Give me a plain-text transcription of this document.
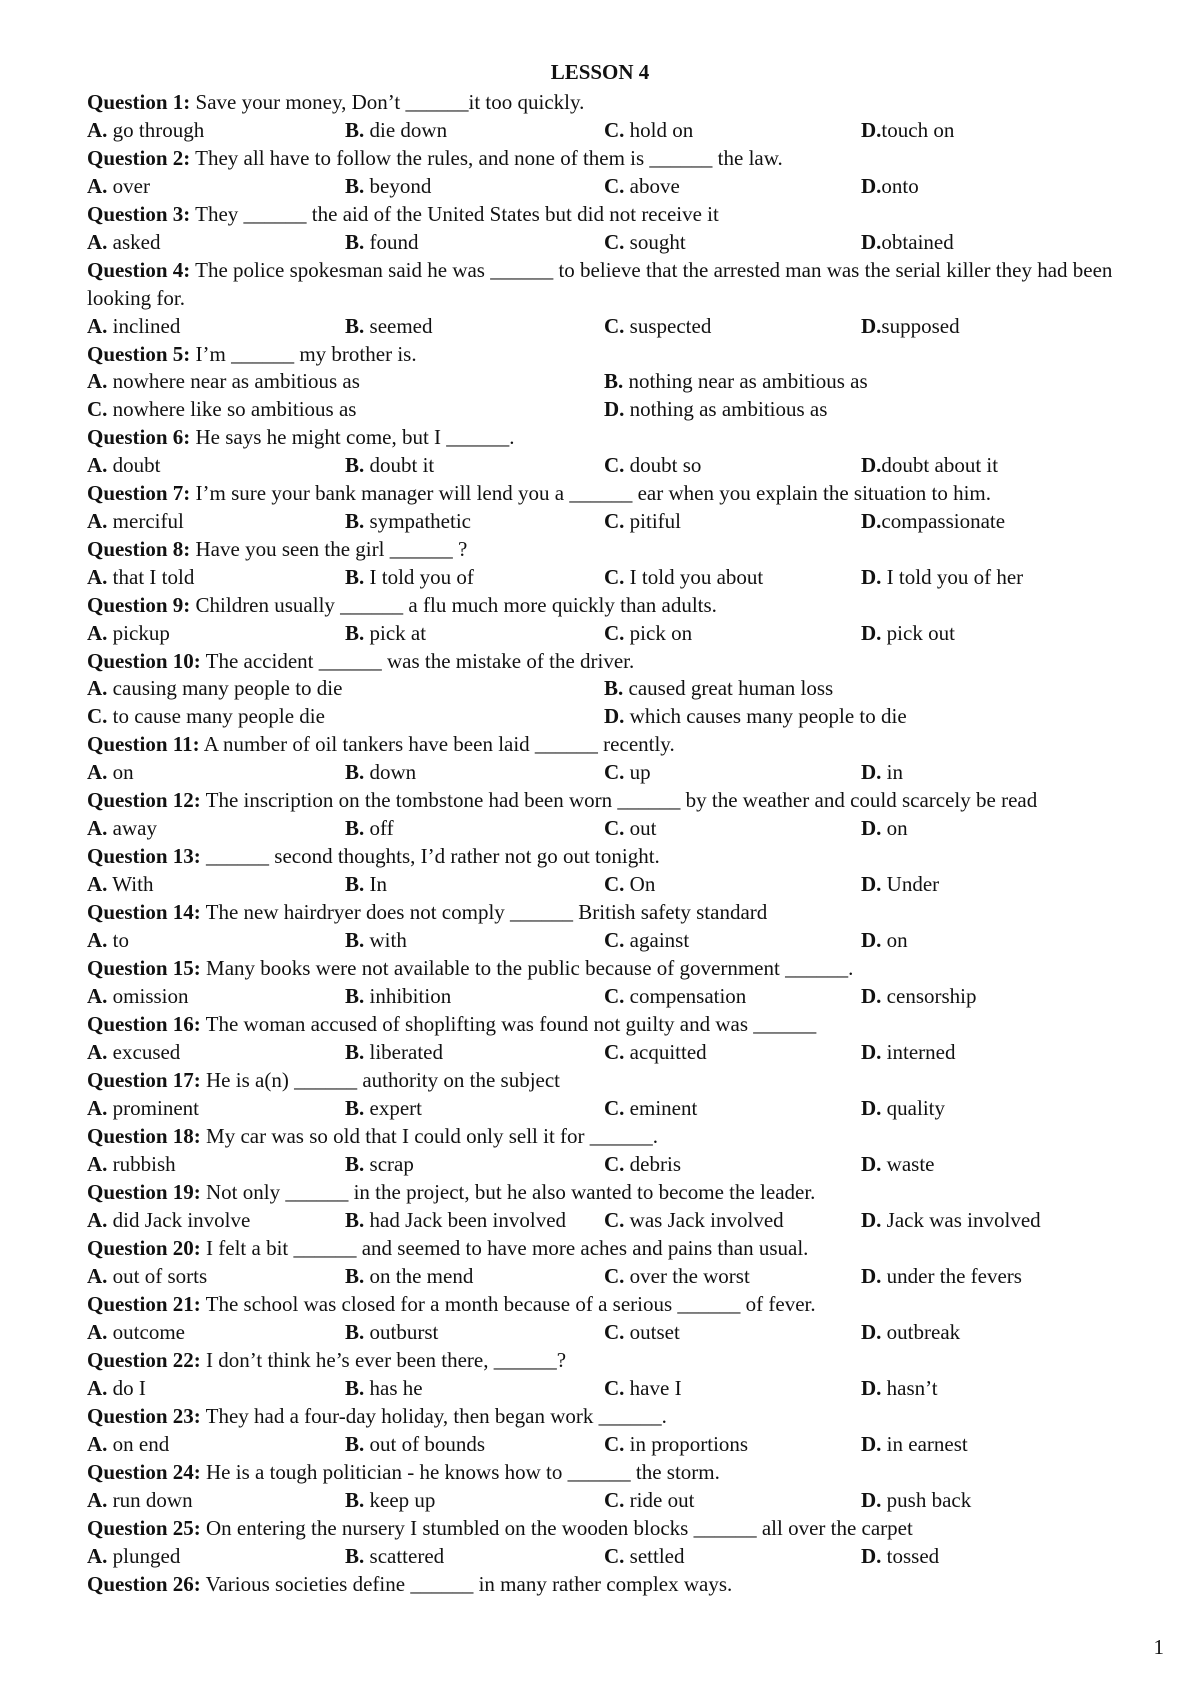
LESSON 4
Question 1: Save your money, Don’t ______it too quickly.
A. go through	B. die down	C. hold on	D.touch on
Question 2: They all have to follow the rules, and none of them is ______ the law.
A. over	B. beyond	C. above	D.onto
Question 3: They ______ the aid of the United States but did not receive it
A. asked	B. found	C. sought	D.obtained
Question 4: The police spokesman said he was ______ to believe that the arrested man was the serial killer they had been looking for.
A. inclined	B. seemed	C. suspected	D.supposed
Question 5: I’m ______ my brother is.
A. nowhere near as ambitious as	B. nothing near as ambitious as
C. nowhere like so ambitious as	D. nothing as ambitious as
Question 6: He says he might come, but I ______.
A. doubt	B. doubt it	C. doubt so	D.doubt about it
Question 7: I’m sure your bank manager will lend you a ______ ear when you explain the situation to him.
A. merciful	B. sympathetic	C. pitiful	D.compassionate
Question 8: Have you seen the girl ______ ?
A. that I told	B. I told you of	C. I told you about	D. I told you of her
Question 9: Children usually ______ a flu much more quickly than adults.
A. pickup	B. pick at	C. pick on	D. pick out
Question 10: The accident ______ was the mistake of the driver.
A. causing many people to die	B. caused great human loss
C. to cause many people die	D. which causes many people to die
Question 11: A number of oil tankers have been laid ______ recently.
A. on	B. down	C. up	D. in
Question 12: The inscription on the tombstone had been worn ______ by the weather and could scarcely be read
A. away	B. off	C. out	D. on
Question 13: ______ second thoughts, I’d rather not go out tonight.
A. With	B. In	C. On	D. Under
Question 14: The new hairdryer does not comply ______ British safety standard
A. to	B. with	C. against	D. on
Question 15: Many books were not available to the public because of government ______.
A. omission	B. inhibition	C. compensation	D. censorship
Question 16: The woman accused of shoplifting was found not guilty and was ______
A. excused	B. liberated	C. acquitted	D. interned
Question 17: He is a(n) ______ authority on the subject
A. prominent	B. expert	C. eminent	D. quality
Question 18: My car was so old that I could only sell it for ______.
A. rubbish	B. scrap	C. debris	D. waste
Question 19: Not only ______ in the project, but he also wanted to become the leader.
A. did Jack involve	B. had Jack been involved	C. was Jack involved	D. Jack was involved
Question 20: I felt a bit ______ and seemed to have more aches and pains than usual.
A. out of sorts	B. on the mend	C. over the worst	D. under the fevers
Question 21: The school was closed for a month because of a serious ______ of fever.
A. outcome	B. outburst	C. outset	D. outbreak
Question 22: I don’t think he’s ever been there, ______?
A. do I	B. has he	C. have I	D. hasn’t
Question 23: They had a four-day holiday, then began work ______.
A. on end	B. out of bounds	C. in proportions	D. in earnest
Question 24: He is a tough politician - he knows how to ______ the storm.
A. run down	B. keep up	C. ride out	D. push back
Question 25: On entering the nursery I stumbled on the wooden blocks ______ all over the carpet
A. plunged	B. scattered	C. settled	D. tossed
Question 26: Various societies define ______ in many rather complex ways.
1
